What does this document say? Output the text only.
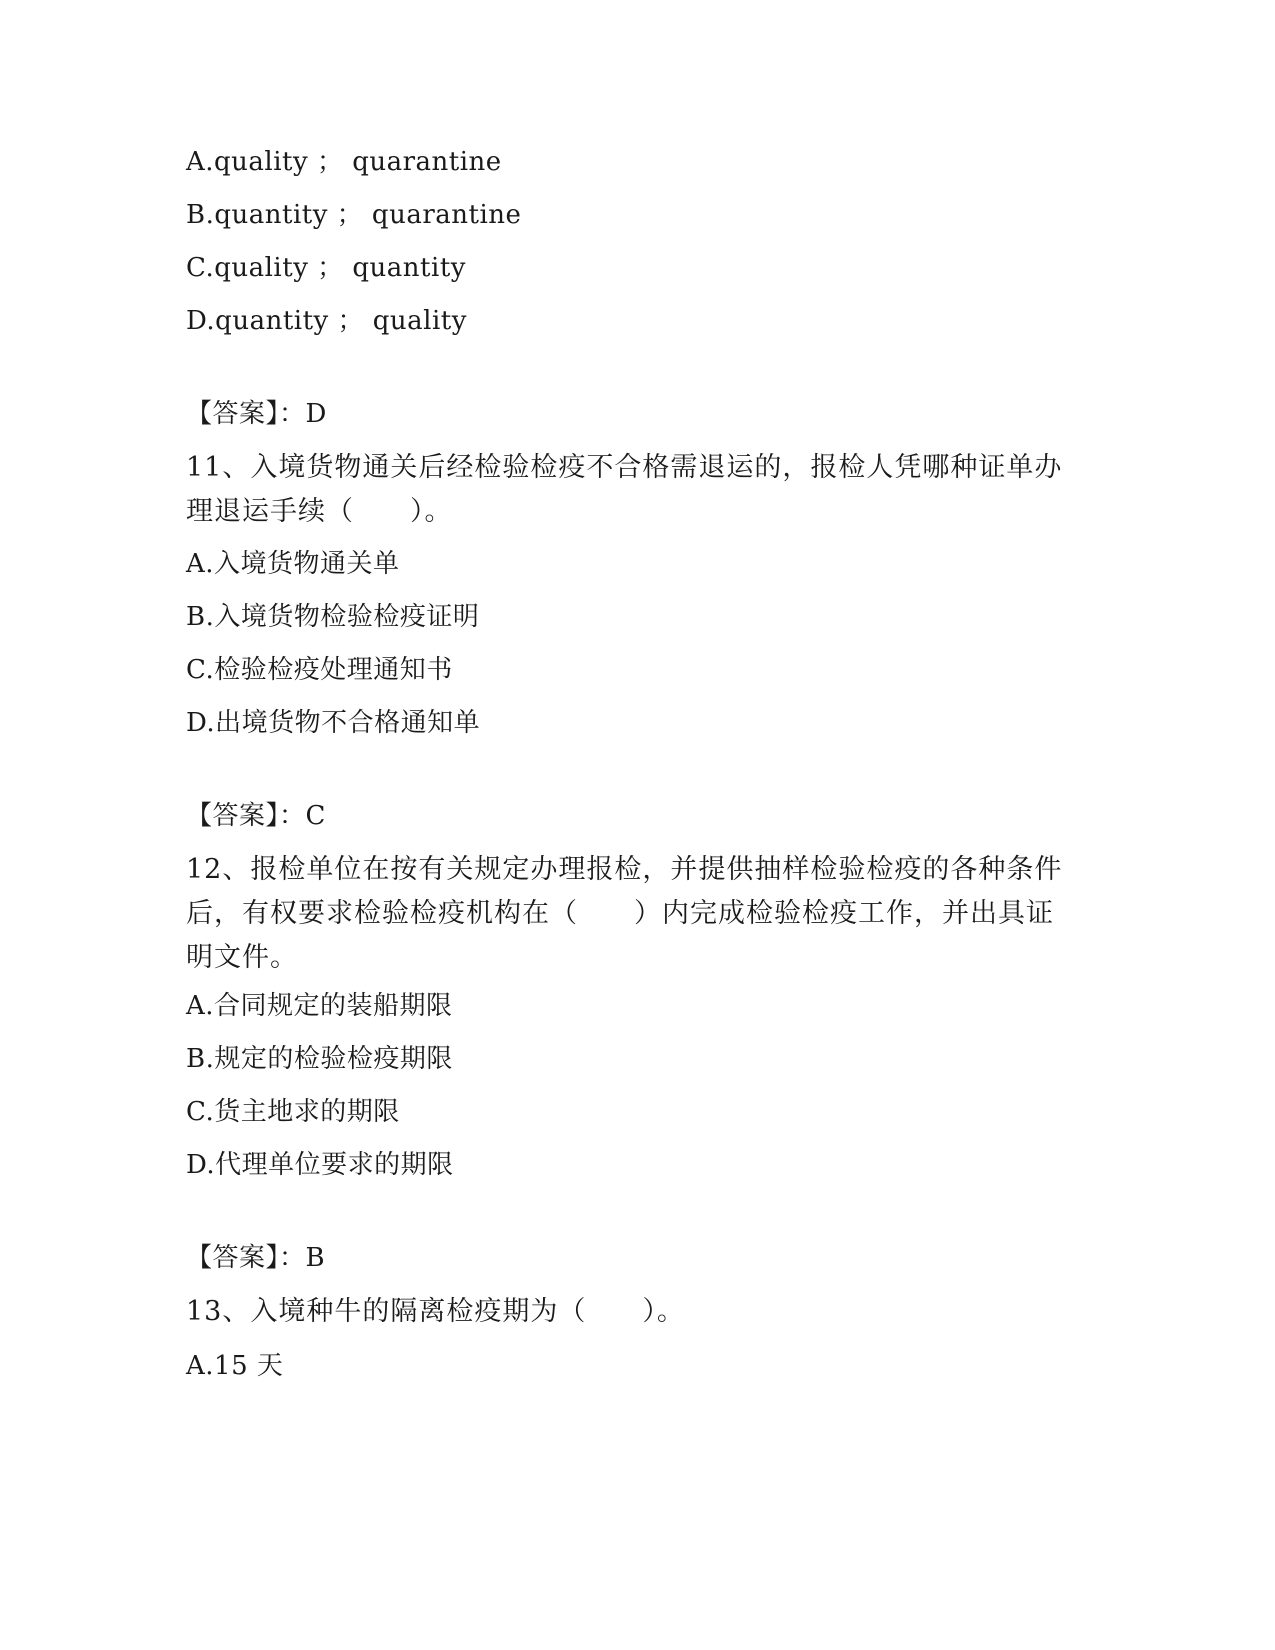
A.quality ； quarantine
B.quantity ； quarantine
C.quality ； quantity
D.quantity ； quality
【答案】：D
11、入境货物通关后经检验检疫不合格需退运的，报检人凭哪种证单办理退运手续（　　）。
A.入境货物通关单
B.入境货物检验检疫证明
C.检验检疫处理通知书
D.出境货物不合格通知单
【答案】：C
12、报检单位在按有关规定办理报检，并提供抽样检验检疫的各种条件后，有权要求检验检疫机构在（　　）内完成检验检疫工作，并出具证明文件。
A.合同规定的装船期限
B.规定的检验检疫期限
C.货主地求的期限
D.代理单位要求的期限
【答案】：B
13、入境种牛的隔离检疫期为（　　）。
A.15 天
